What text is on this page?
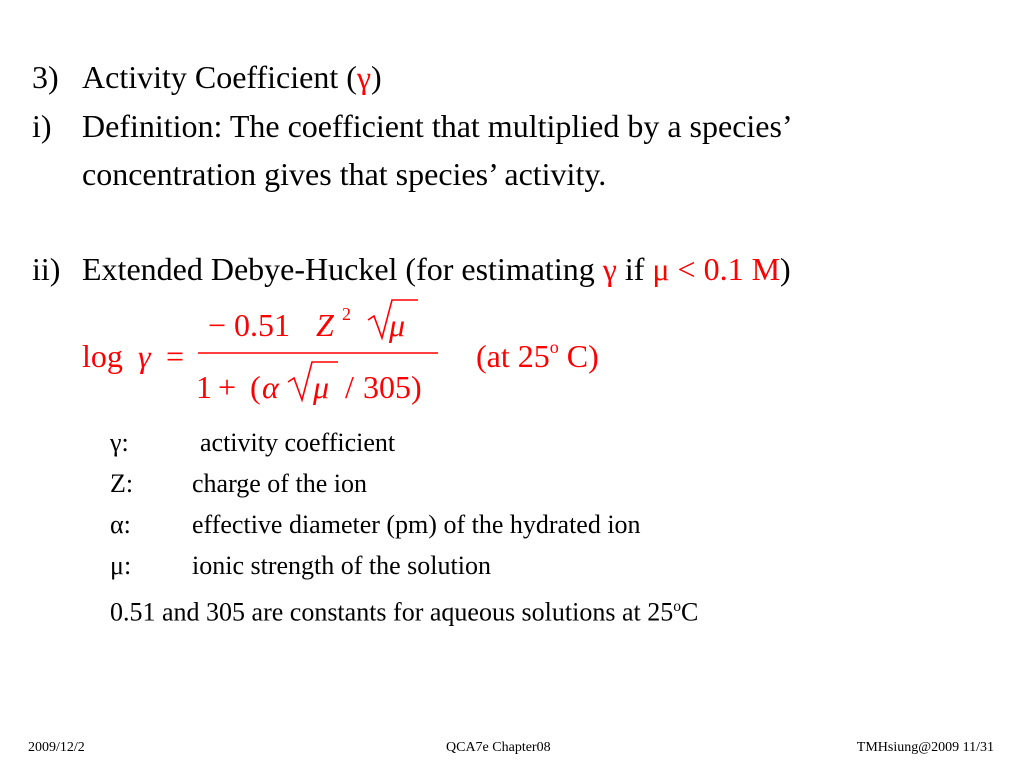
3) Activity Coefficient (γ)
i) Definition: The coefficient that multiplied by a species’
concentration gives that species’ activity.
ii) Extended Debye-Huckel (for estimating γ if μ < 0.1 M)
log γ =
− 0.51 Z 2 μ
1 + ( α μ / 305)
(at 25$^o$ C)
γ:	activity coefficient
Z: charge of the ion
α: effective diameter (pm) of the hydrated ion
μ: ionic strength of the solution
0.51 and 305 are constants for aqueous solutions at 25$^o$C
2009/12/2	QCA7e Chapter08	TMHsiung@2009 11/31
